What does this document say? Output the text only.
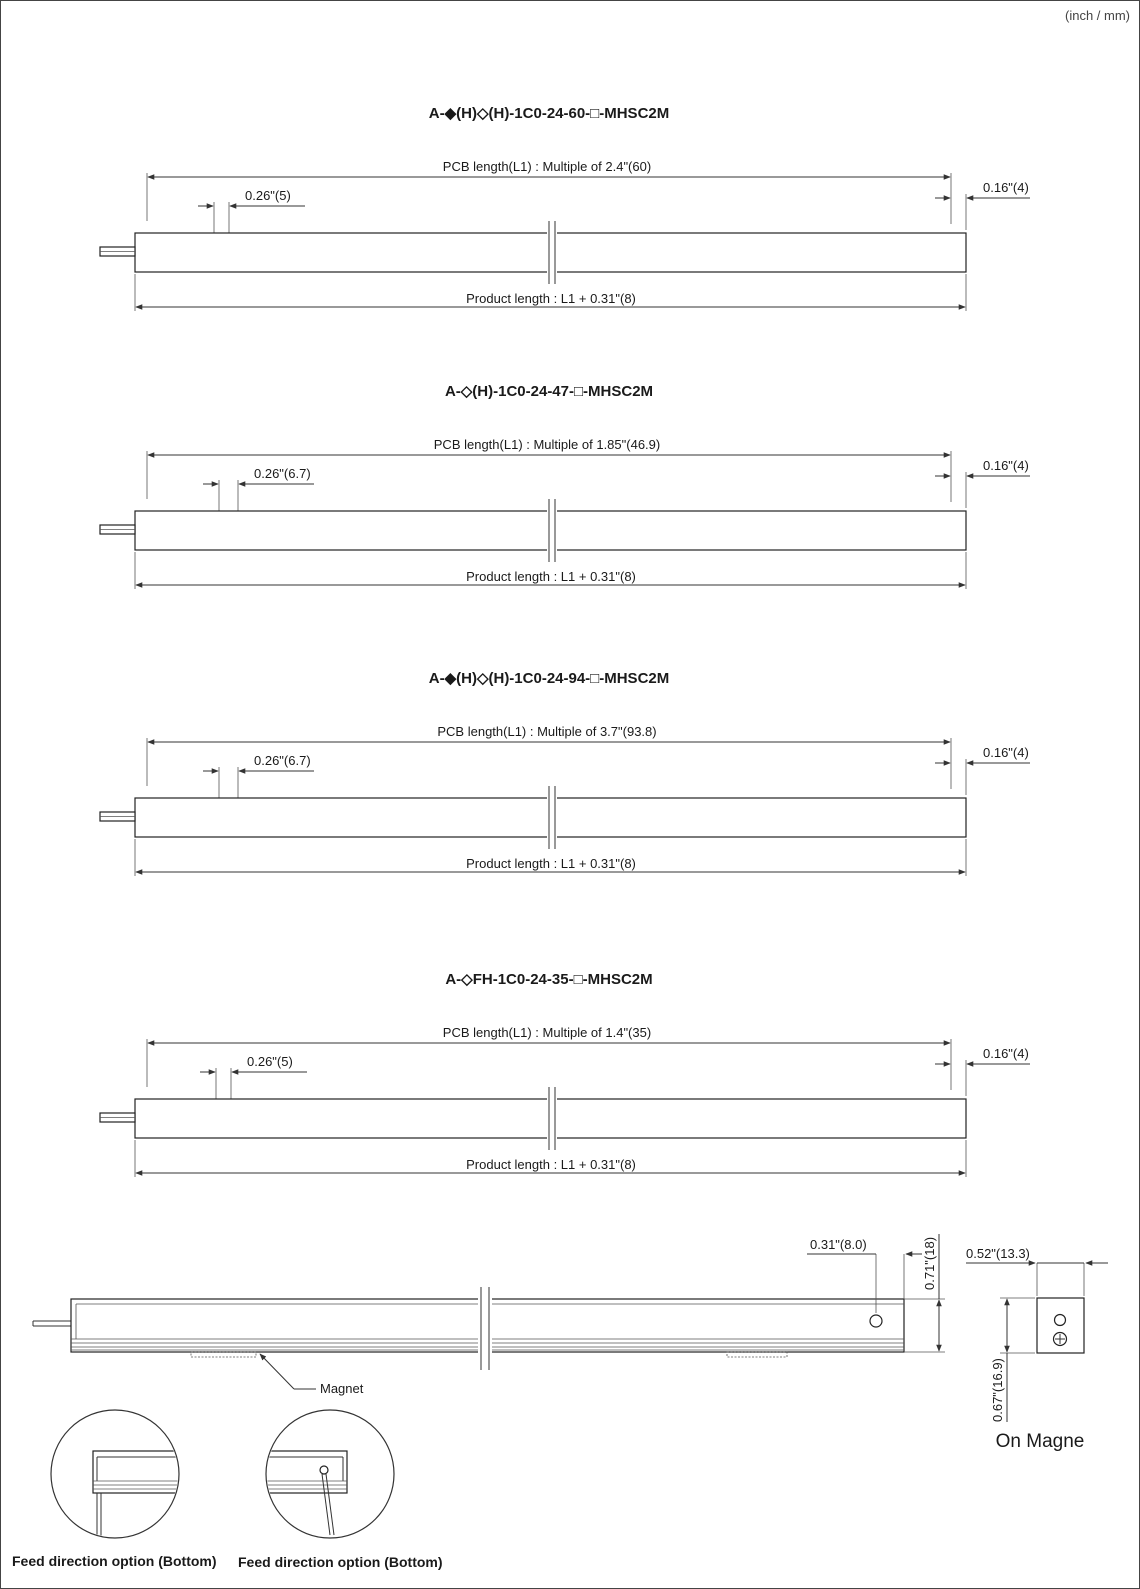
(inch / mm)
A-◆(H)◇(H)-1C0-24-60-□-MHSC2M
PCB length(L1) : Multiple of 2.4"(60)
0.26"(5)
0.16"(4)
Product length : L1 + 0.31"(8)
A-◇(H)-1C0-24-47-□-MHSC2M
PCB length(L1) : Multiple of 1.85"(46.9)
0.26"(6.7)
0.16"(4)
Product length : L1 + 0.31"(8)
A-◆(H)◇(H)-1C0-24-94-□-MHSC2M
PCB length(L1) : Multiple of 3.7"(93.8)
0.26"(6.7)
0.16"(4)
Product length : L1 + 0.31"(8)
A-◇FH-1C0-24-35-□-MHSC2M
PCB length(L1) : Multiple of 1.4"(35)
0.26"(5)
0.16"(4)
Product length : L1 + 0.31"(8)
Magnet
0.31"(8.0)	0.71"(18) 0.52"(13.3)
0.67"(16.9)
On Magne
Feed direction option (Bottom) Feed direction option (Bottom)
